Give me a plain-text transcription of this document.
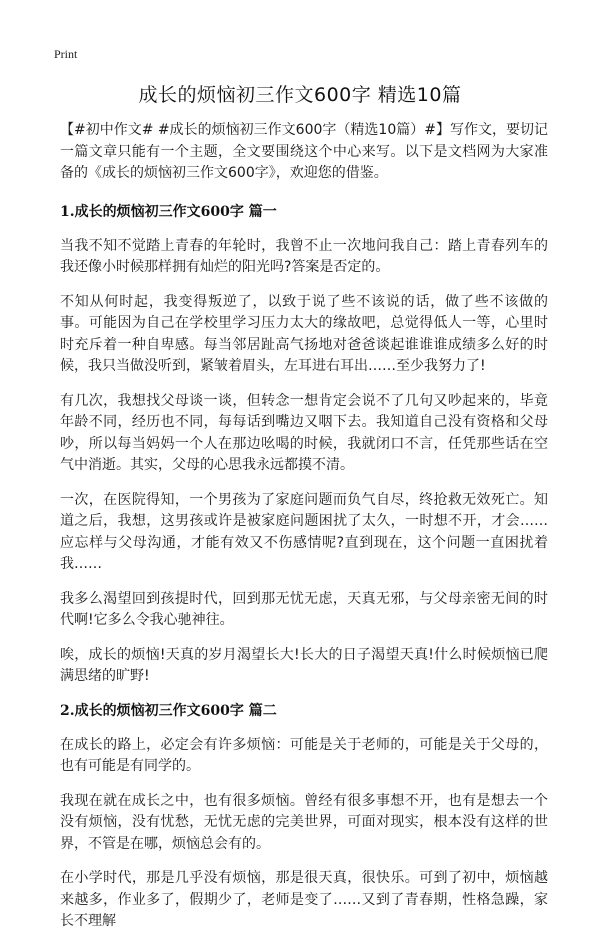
Print
成长的烦恼初三作文600字 精选10篇

【#初中作文# #成长的烦恼初三作文600字（精选10篇）#】写作文，要切记一篇文章只能有一个主题，全文要围绕这个中心来写。以下是文档网为大家准备的《成长的烦恼初三作文600字》，欢迎您的借鉴。

1.成长的烦恼初三作文600字 篇一

当我不知不觉踏上青春的年轮时，我曾不止一次地问我自己：踏上青春列车的我还像小时候那样拥有灿烂的阳光吗?答案是否定的。

不知从何时起，我变得叛逆了，以致于说了些不该说的话，做了些不该做的事。可能因为自己在学校里学习压力太大的缘故吧，总觉得低人一等，心里时时充斥着一种自卑感。每当邻居趾高气扬地对爸爸谈起谁谁谁成绩多么好的时候，我只当做没听到，紧皱着眉头，左耳进右耳出……至少我努力了!

有几次，我想找父母谈一谈，但转念一想肯定会说不了几句又吵起来的，毕竟年龄不同，经历也不同，每每话到嘴边又咽下去。我知道自己没有资格和父母吵，所以每当妈妈一个人在那边吆喝的时候，我就闭口不言，任凭那些话在空气中消逝。其实，父母的心思我永远都摸不清。

一次，在医院得知，一个男孩为了家庭问题而负气自尽，终抢救无效死亡。知道之后，我想，这男孩或许是被家庭问题困扰了太久，一时想不开，才会……应忘样与父母沟通，才能有效又不伤感情呢?直到现在，这个问题一直困扰着我……

我多么渴望回到孩提时代，回到那无忧无虑，天真无邪，与父母亲密无间的时代啊!它多么令我心驰神往。

唉，成长的烦恼!天真的岁月渴望长大!长大的日子渴望天真!什么时候烦恼已爬满思绪的旷野!

2.成长的烦恼初三作文600字 篇二

在成长的路上，必定会有许多烦恼：可能是关于老师的，可能是关于父母的，也有可能是有同学的。

我现在就在成长之中，也有很多烦恼。曾经有很多事想不开，也有是想去一个没有烦恼，没有忧愁，无忧无虑的完美世界，可面对现实，根本没有这样的世界，不管是在哪，烦恼总会有的。

在小学时代，那是几乎没有烦恼，那是很天真，很快乐。可到了初中，烦恼越来越多，作业多了，假期少了，老师是变了……又到了青春期，性格急躁，家长不理解
